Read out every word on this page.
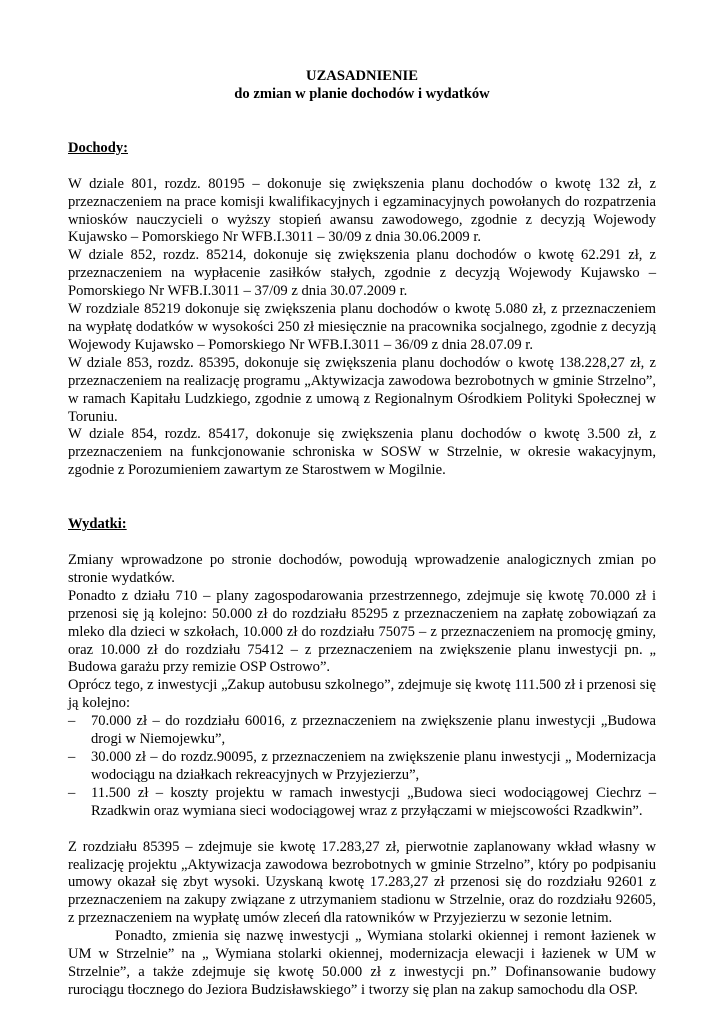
UZASADNIENIE

do zmian w planie dochodów i wydatków

Dochody:

W dziale 801, rozdz. 80195 – dokonuje się zwiększenia planu dochodów o kwotę 132 zł, z przeznaczeniem na prace komisji kwalifikacyjnych i egzaminacyjnych powołanych do rozpatrzenia wniosków nauczycieli o wyższy stopień awansu zawodowego, zgodnie z decyzją Wojewody Kujawsko – Pomorskiego Nr WFB.I.3011 – 30/09 z dnia 30.06.2009 r.

W dziale 852, rozdz. 85214, dokonuje się zwiększenia planu dochodów o kwotę 62.291 zł, z przeznaczeniem na wypłacenie zasiłków stałych, zgodnie z decyzją Wojewody Kujawsko – Pomorskiego Nr WFB.I.3011 – 37/09 z dnia 30.07.2009 r.

W rozdziale 85219 dokonuje się zwiększenia planu dochodów o kwotę 5.080 zł, z przeznaczeniem na wypłatę dodatków w wysokości 250 zł miesięcznie na pracownika socjalnego, zgodnie z decyzją Wojewody Kujawsko – Pomorskiego Nr WFB.I.3011 – 36/09 z dnia 28.07.09 r.

W dziale 853, rozdz. 85395, dokonuje się zwiększenia planu dochodów o kwotę 138.228,27 zł, z przeznaczeniem na realizację programu „Aktywizacja zawodowa bezrobotnych w gminie Strzelno”, w ramach Kapitału Ludzkiego, zgodnie z umową z Regionalnym Ośrodkiem Polityki Społecznej w Toruniu.

W dziale 854, rozdz. 85417, dokonuje się zwiększenia planu dochodów o kwotę 3.500 zł, z przeznaczeniem na funkcjonowanie schroniska w SOSW w Strzelnie, w okresie wakacyjnym, zgodnie z Porozumieniem zawartym ze Starostwem w Mogilnie.

Wydatki:

Zmiany wprowadzone po stronie dochodów, powodują wprowadzenie analogicznych zmian po stronie wydatków.

Ponadto z działu 710 – plany zagospodarowania przestrzennego, zdejmuje się kwotę 70.000 zł i przenosi się ją kolejno: 50.000 zł do rozdziału 85295 z przeznaczeniem na zapłatę zobowiązań za mleko dla dzieci w szkołach, 10.000 zł do rozdziału 75075 – z przeznaczeniem na promocję gminy, oraz 10.000 zł do rozdziału 75412 – z przeznaczeniem na zwiększenie planu inwestycji pn. „ Budowa garażu przy remizie OSP Ostrowo”.

Oprócz tego, z inwestycji „Zakup autobusu szkolnego”, zdejmuje się kwotę 111.500 zł i przenosi się ją kolejno:

–	70.000 zł – do rozdziału 60016, z przeznaczeniem na zwiększenie planu inwestycji „Budowa drogi w Niemojewku”,
–	30.000 zł – do rozdz.90095, z przeznaczeniem na zwiększenie planu inwestycji „ Modernizacja wodociągu na działkach rekreacyjnych w Przyjezierzu”,
–	11.500 zł – koszty projektu w ramach inwestycji „Budowa sieci wodociągowej Ciechrz – Rzadkwin oraz wymiana sieci wodociągowej wraz z przyłączami w miejscowości Rzadkwin”.

Z rozdziału 85395 – zdejmuje sie kwotę 17.283,27 zł, pierwotnie zaplanowany wkład własny w realizację projektu „Aktywizacja zawodowa bezrobotnych w gminie Strzelno”, który po podpisaniu umowy okazał się zbyt wysoki. Uzyskaną kwotę 17.283,27 zł przenosi się do rozdziału 92601 z przeznaczeniem na zakupy związane z utrzymaniem stadionu w Strzelnie, oraz do rozdziału 92605, z przeznaczeniem na wypłatę umów zleceń dla ratowników w Przyjezierzu w sezonie letnim.

Ponadto, zmienia się nazwę inwestycji „ Wymiana stolarki okiennej i remont łazienek w UM w Strzelnie” na „ Wymiana stolarki okiennej, modernizacja elewacji i łazienek w UM w Strzelnie”, a także zdejmuje się kwotę 50.000 zł z inwestycji pn.” Dofinansowanie budowy rurociągu tłocznego do Jeziora Budzisławskiego” i tworzy się plan na zakup samochodu dla OSP.
